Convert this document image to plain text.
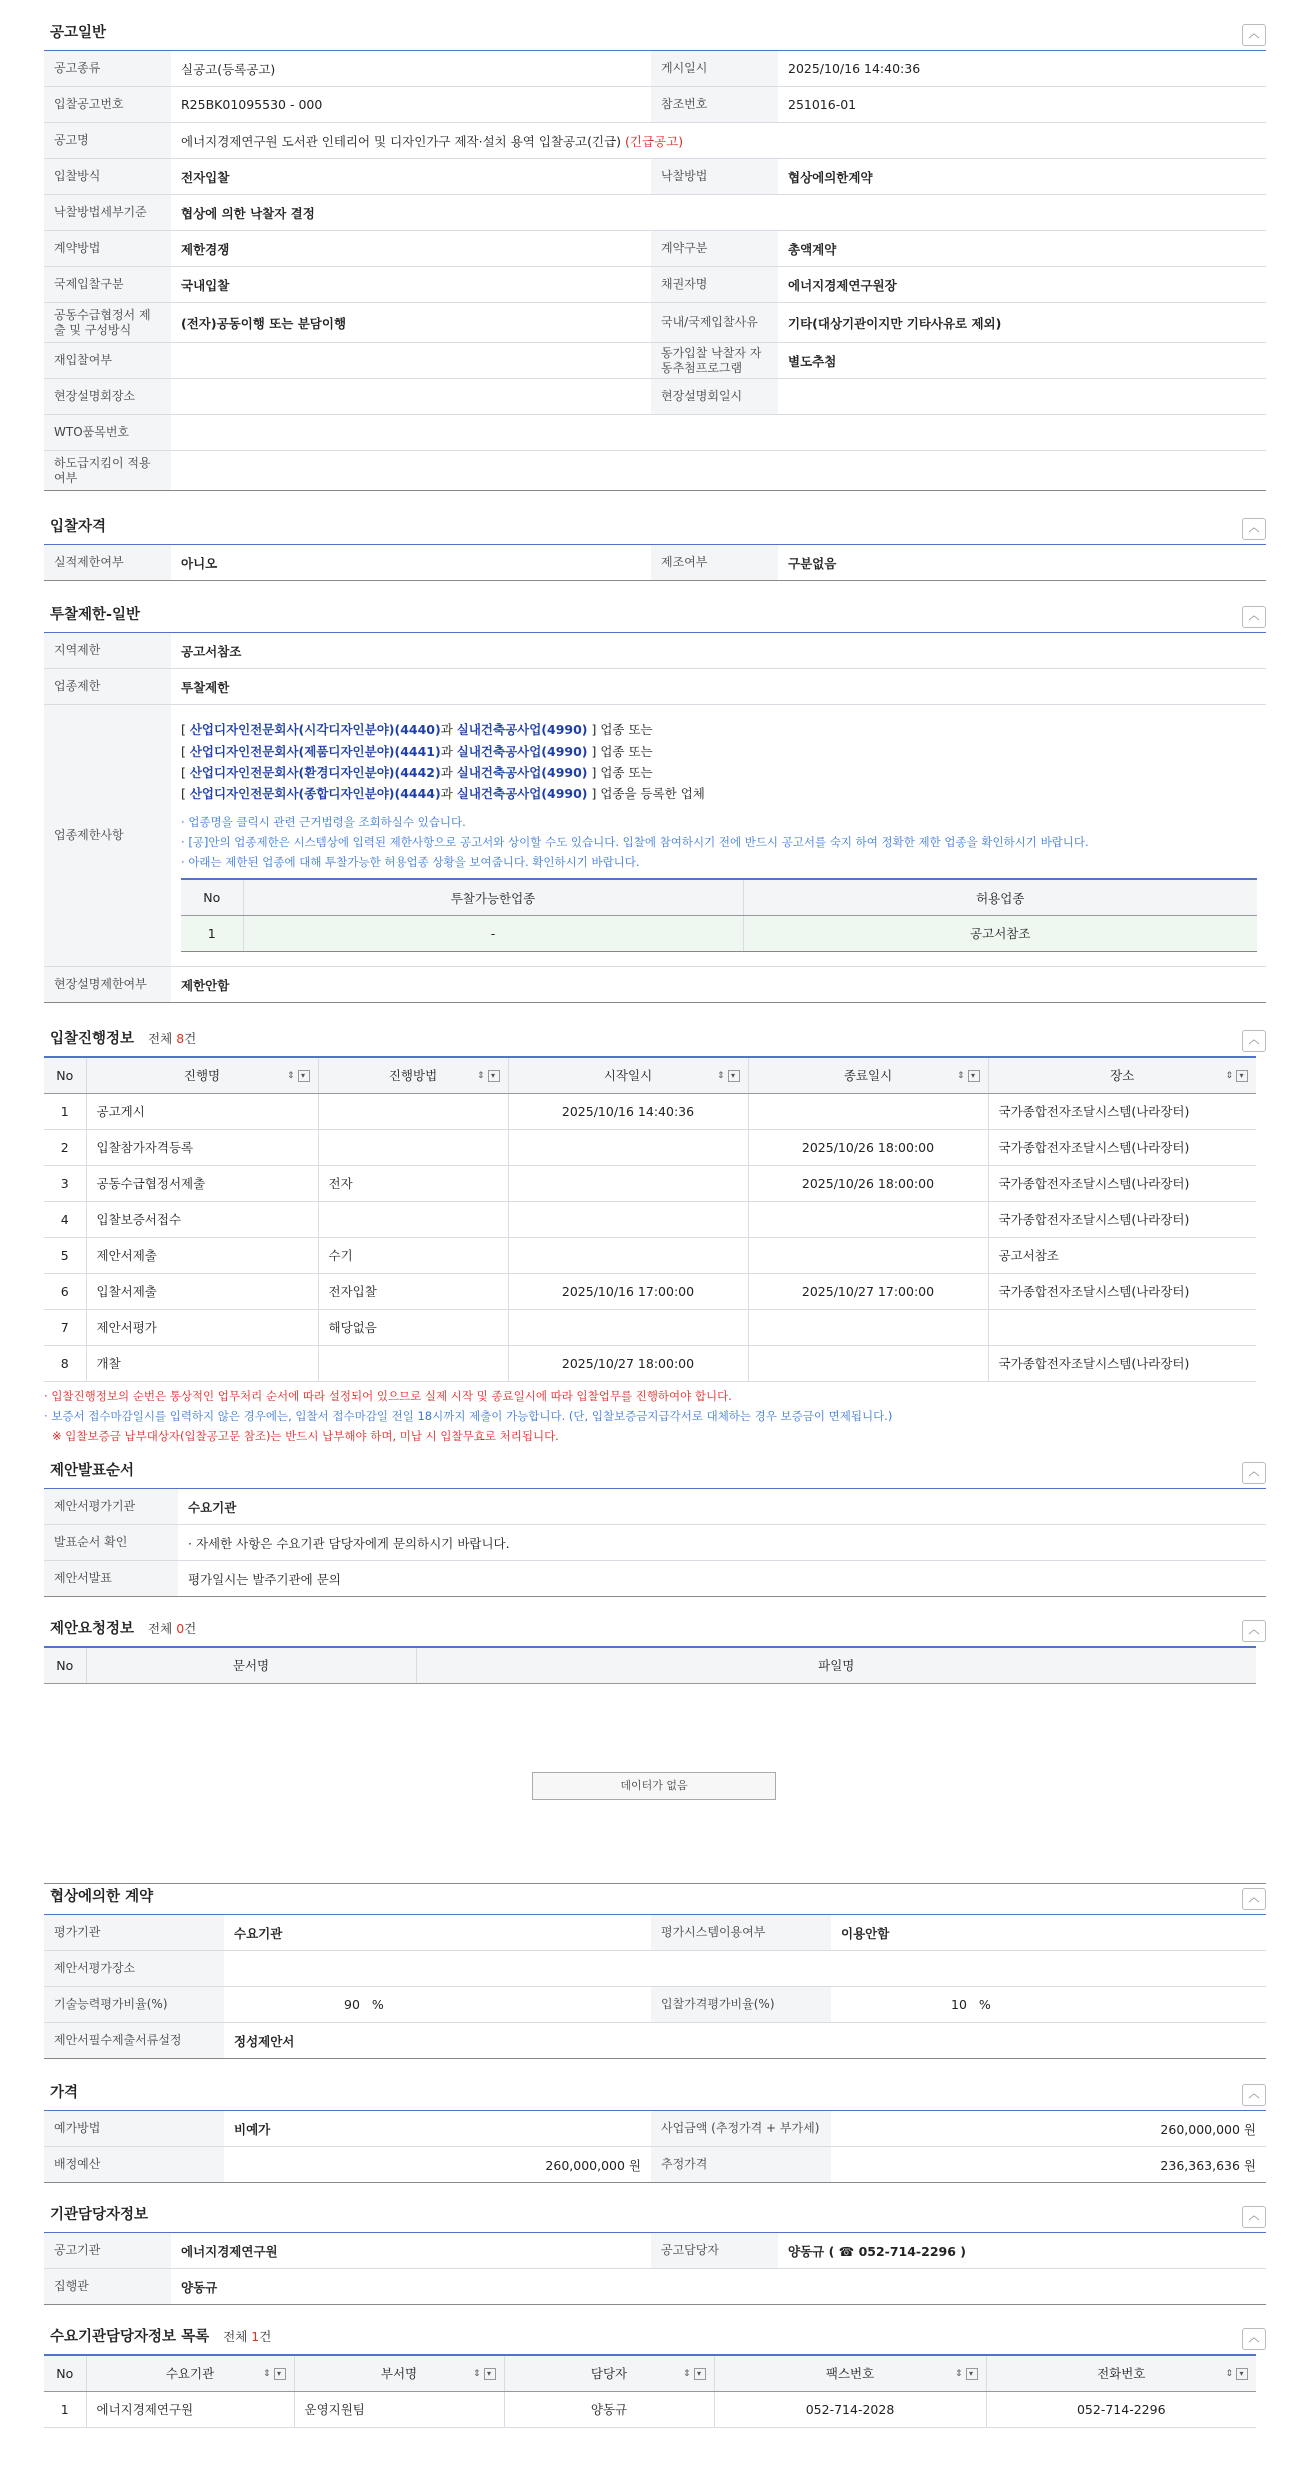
공고일반	︿
공고종류	실공고(등록공고)	게시일시	2025/10/16 14:40:36
입찰공고번호	R25BK01095530 - 000	참조번호	251016-01
공고명	에너지경제연구원 도서관 인테리어 및 디자인가구 제작·설치 용역 입찰공고(긴급) (긴급공고)		
입찰방식	전자입찰	낙찰방법	협상에의한계약
낙찰방법세부기준	협상에 의한 낙찰자 결정		
계약방법	제한경쟁	계약구분	총액계약
국제입찰구분	국내입찰	채권자명	에너지경제연구원장
공동수급협정서 제출 및 구성방식	(전자)공동이행 또는 분담이행	국내/국제입찰사유	기타(대상기관이지만 기타사유로 제외)
재입찰여부		동가입찰 낙찰자 자동추첨프로그램	별도추첨
현장설명회장소		현장설명회일시	
WTO품목번호			
하도급지킴이 적용여부			
입찰자격	︿
실적제한여부	아니오	제조여부	구분없음
투찰제한-일반	︿
지역제한	공고서참조
업종제한	투찰제한
업종제한사항	
[ 산업디자인전문회사(시각디자인분야)(4440)과 실내건축공사업(4990) ] 업종 또는
[ 산업디자인전문회사(제품디자인분야)(4441)과 실내건축공사업(4990) ] 업종 또는
[ 산업디자인전문회사(환경디자인분야)(4442)과 실내건축공사업(4990) ] 업종 또는
[ 산업디자인전문회사(종합디자인분야)(4444)과 실내건축공사업(4990) ] 업종을 등록한 업체
· 업종명을 클릭시 관련 근거법령을 조회하실수 있습니다.
· [공]안의 업종제한은 시스템상에 입력된 제한사항으로 공고서와 상이할 수도 있습니다. 입찰에 참여하시기 전에 반드시 공고서를 숙지 하여 정확한 제한 업종을 확인하시기 바랍니다.
· 아래는 제한된 업종에 대해 투찰가능한 허용업종 상황을 보여줍니다. 확인하시기 바랍니다.
No	투찰가능한업종	허용업종
1	-	공고서참조

현장설명제한여부	제한안함
입찰진행정보 전체 8건	︿
No	진행명 ⇕ ▾	진행방법 ⇕ ▾	시작일시 ⇕ ▾	종료일시 ⇕ ▾	장소 ⇕ ▾

1	공고게시		2025/10/16 14:40:36		국가종합전자조달시스템(나라장터)
2	입찰참가자격등록			2025/10/26 18:00:00	국가종합전자조달시스템(나라장터)
3	공동수급협정서제출	전자		2025/10/26 18:00:00	국가종합전자조달시스템(나라장터)
4	입찰보증서접수				국가종합전자조달시스템(나라장터)
5	제안서제출	수기			공고서참조
6	입찰서제출	전자입찰	2025/10/16 17:00:00	2025/10/27 17:00:00	국가종합전자조달시스템(나라장터)
7	제안서평가	해당없음			
8	개찰		2025/10/27 18:00:00		국가종합전자조달시스템(나라장터)
· 입찰진행정보의 순번은 통상적인 업무처리 순서에 따라 설정되어 있으므로 실제 시작 및 종료일시에 따라 입찰업무를 진행하여야 합니다.
· 보증서 접수마감일시를 입력하지 않은 경우에는, 입찰서 접수마감일 전일 18시까지 제출이 가능합니다. (단, 입찰보증금지급각서로 대체하는 경우 보증금이 면제됩니다.)
※ 입찰보증금 납부대상자(입찰공고문 참조)는 반드시 납부해야 하며, 미납 시 입찰무효로 처리됩니다.
제안발표순서	︿
제안서평가기관	수요기관
발표순서 확인	· 자세한 사항은 수요기관 담당자에게 문의하시기 바랍니다.
제안서발표	평가일시는 발주기관에 문의
제안요청정보 전체 0건	︿
No	문서명	파일명
데이터가 없음
협상에의한 계약	︿
평가기관	수요기관	평가시스템이용여부	이용안함
제안서평가장소			
기술능력평가비율(%)	90 %	입찰가격평가비율(%)	10 %
제안서필수제출서류설정	정성제안서		
가격	︿
예가방법	비예가	사업금액 (추정가격 + 부가세)	260,000,000 원
배정예산	260,000,000 원	추정가격	236,363,636 원
기관담당자정보	︿
공고기관	에너지경제연구원	공고담당자	양동규 ( ☎ 052-714-2296 )
집행관	양동규		
수요기관담당자정보 목록 전체 1건	︿
No	수요기관 ⇕ ▾	부서명 ⇕ ▾	담당자 ⇕ ▾	팩스번호 ⇕ ▾	전화번호 ⇕ ▾

1	에너지경제연구원	운영지원팀	양동규	052-714-2028	052-714-2296
